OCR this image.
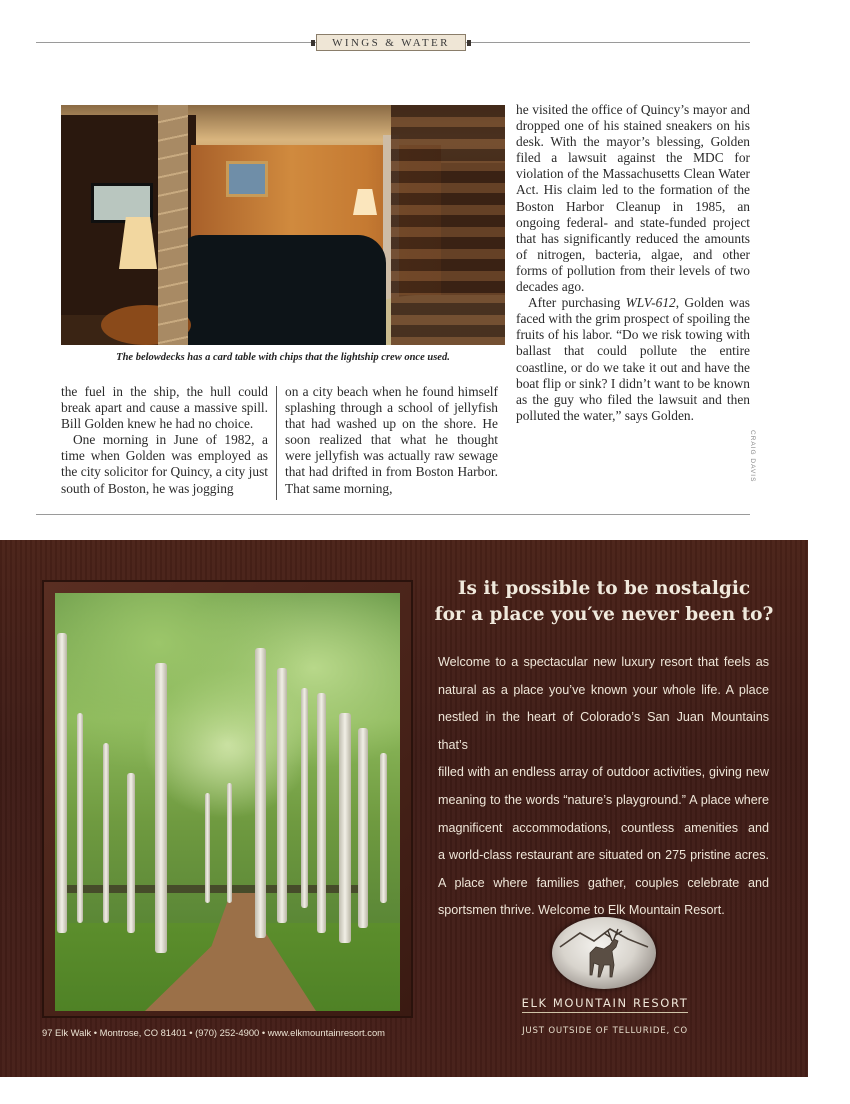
WINGS & WATER
The belowdecks has a card table with chips that the lightship crew once used.

the fuel in the ship, the hull could break apart and cause a massive spill. Bill Golden knew he had no choice.

One morning in June of 1982, a time when Golden was employed as the city solicitor for Quincy, a city just south of Boston, he was jogging

on a city beach when he found himself splashing through a school of jellyfish that had washed up on the shore. He soon realized that what he thought were jellyfish was actually raw sewage that had drifted in from Boston Harbor. That same morning,

he visited the office of Quincy’s mayor and dropped one of his stained sneakers on his desk. With the mayor’s blessing, Golden filed a lawsuit against the MDC for violation of the Massachusetts Clean Water Act. His claim led to the formation of the Boston Harbor Cleanup in 1985, an ongoing federal- and state-funded project that has significantly reduced the amounts of nitrogen, bacteria, algae, and other forms of pollution from their levels of two decades ago.

After purchasing WLV-612, Golden was faced with the grim prospect of spoiling the fruits of his labor. “Do we risk towing with ballast that could pollute the entire coastline, or do we take it out and have the boat flip or sink? I didn’t want to be known as the guy who filed the lawsuit and then polluted the water,” says Golden.

CRAIG DAVIS
Is it possible to be nostalgic
for a place you′ve never been to?
Welcome to a spectacular new luxury resort that feels as
natural as a place you’ve known your whole life. A place
nestled in the heart of Colorado’s San Juan Mountains that’s
filled with an endless array of outdoor activities, giving new
meaning to the words “nature’s playground.” A place where
magnificent accommodations, countless amenities and
a world-class restaurant are situated on 275 pristine acres.
A place where families gather, couples celebrate and
sportsmen thrive. Welcome to Elk Mountain Resort.
ELK MOUNTAIN RESORT
JUST OUTSIDE OF TELLURIDE, CO
97 Elk Walk • Montrose, CO 81401 • (970) 252-4900 • www.elkmountainresort.com
